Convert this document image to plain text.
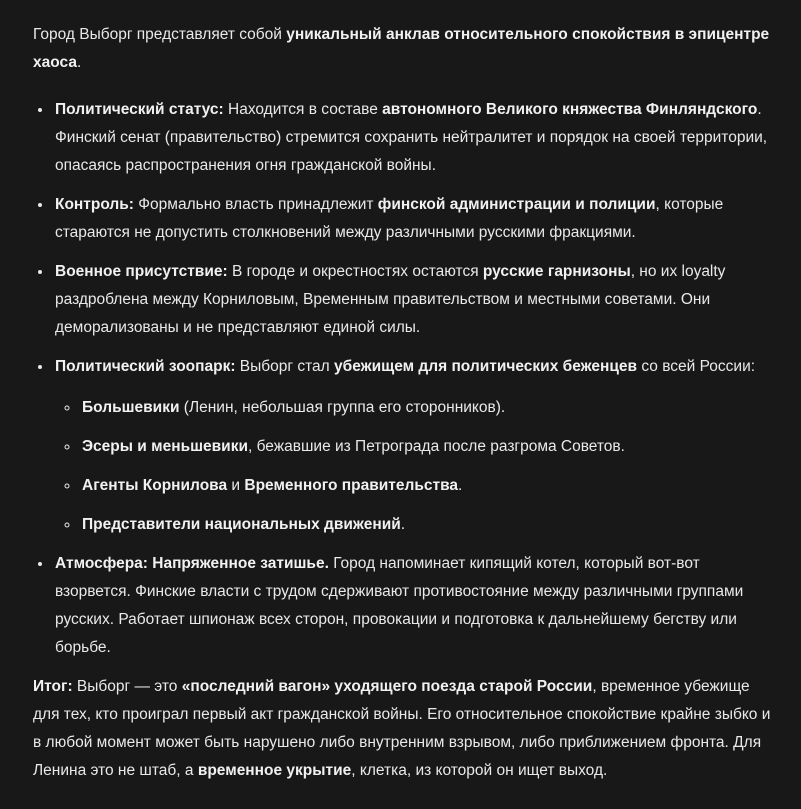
Город Выборг представляет собой уникальный анклав относительного спокойствия в эпицентре хаоса.

• Политический статус: Находится в составе автономного Великого княжества Финляндского. Финский сенат (правительство) стремится сохранить нейтралитет и порядок на своей территории, опасаясь распространения огня гражданской войны.
• Контроль: Формально власть принадлежит финской администрации и полиции, которые стараются не допустить столкновений между различными русскими фракциями.
• Военное присутствие: В городе и окрестностях остаются русские гарнизоны, но их loyalty раздроблена между Корниловым, Временным правительством и местными советами. Они деморализованы и не представляют единой силы.
• Политический зоопарк: Выборг стал убежищем для политических беженцев со всей России:
◦ Большевики (Ленин, небольшая группа его сторонников).
◦ Эсеры и меньшевики, бежавшие из Петрограда после разгрома Советов.
◦ Агенты Корнилова и Временного правительства.
◦ Представители национальных движений.
• Атмосфера: Напряженное затишье. Город напоминает кипящий котел, который вот-вот взорвется. Финские власти с трудом сдерживают противостояние между различными группами русских. Работает шпионаж всех сторон, провокации и подготовка к дальнейшему бегству или борьбе.

Итог: Выборг — это «последний вагон» уходящего поезда старой России, временное убежище для тех, кто проиграл первый акт гражданской войны. Его относительное спокойствие крайне зыбко и в любой момент может быть нарушено либо внутренним взрывом, либо приближением фронта. Для Ленина это не штаб, а временное укрытие, клетка, из которой он ищет выход.
